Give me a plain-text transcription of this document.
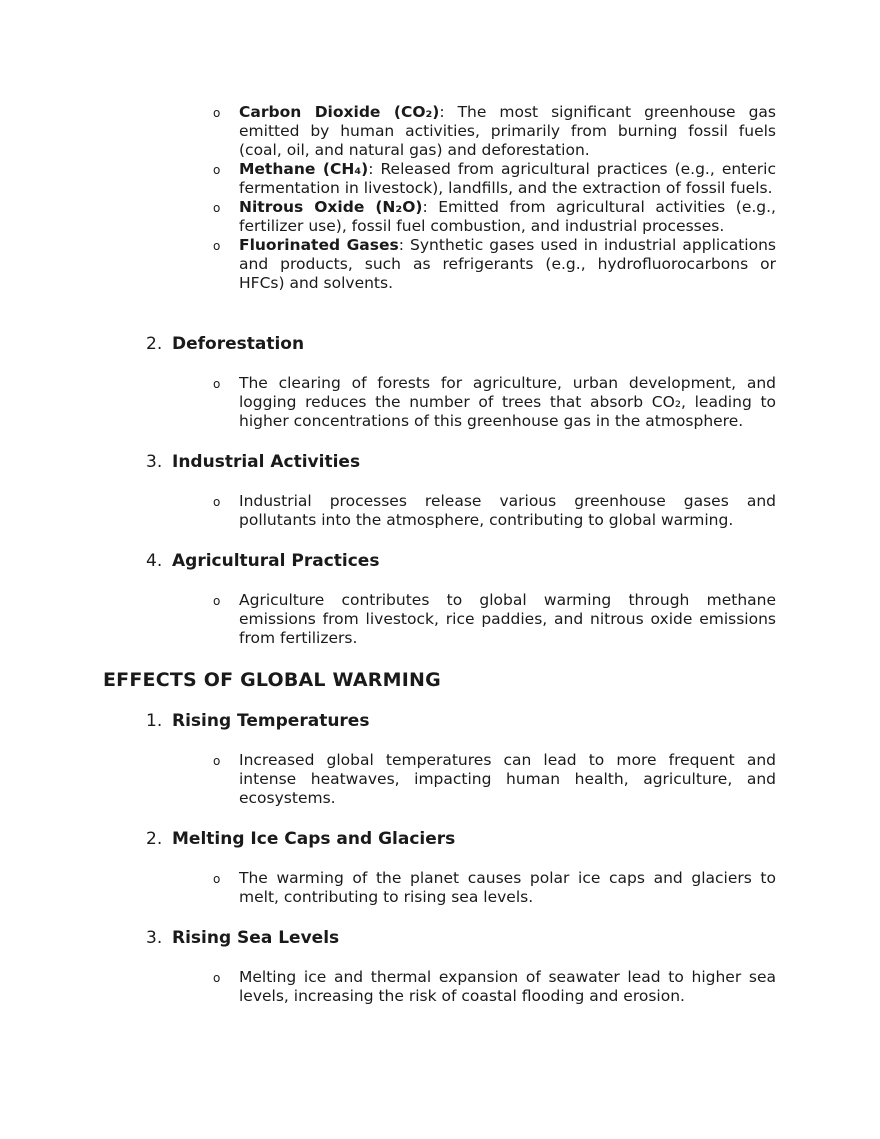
o Carbon Dioxide (CO₂): The most significant greenhouse gas emitted by human activities, primarily from burning fossil fuels (coal, oil, and natural gas) and deforestation.
o Methane (CH₄): Released from agricultural practices (e.g., enteric fermentation in livestock), landfills, and the extraction of fossil fuels.
o Nitrous Oxide (N₂O): Emitted from agricultural activities (e.g., fertilizer use), fossil fuel combustion, and industrial processes.
o Fluorinated Gases: Synthetic gases used in industrial applications and products, such as refrigerants (e.g., hydrofluorocarbons or HFCs) and solvents.
2. Deforestation
o The clearing of forests for agriculture, urban development, and logging reduces the number of trees that absorb CO₂, leading to higher concentrations of this greenhouse gas in the atmosphere.
3. Industrial Activities
o Industrial processes release various greenhouse gases and pollutants into the atmosphere, contributing to global warming.
4. Agricultural Practices
o Agriculture contributes to global warming through methane emissions from livestock, rice paddies, and nitrous oxide emissions from fertilizers.
EFFECTS OF GLOBAL WARMING
1. Rising Temperatures
o Increased global temperatures can lead to more frequent and intense heatwaves, impacting human health, agriculture, and ecosystems.
2. Melting Ice Caps and Glaciers
o The warming of the planet causes polar ice caps and glaciers to melt, contributing to rising sea levels.
3. Rising Sea Levels
o Melting ice and thermal expansion of seawater lead to higher sea levels, increasing the risk of coastal flooding and erosion.
